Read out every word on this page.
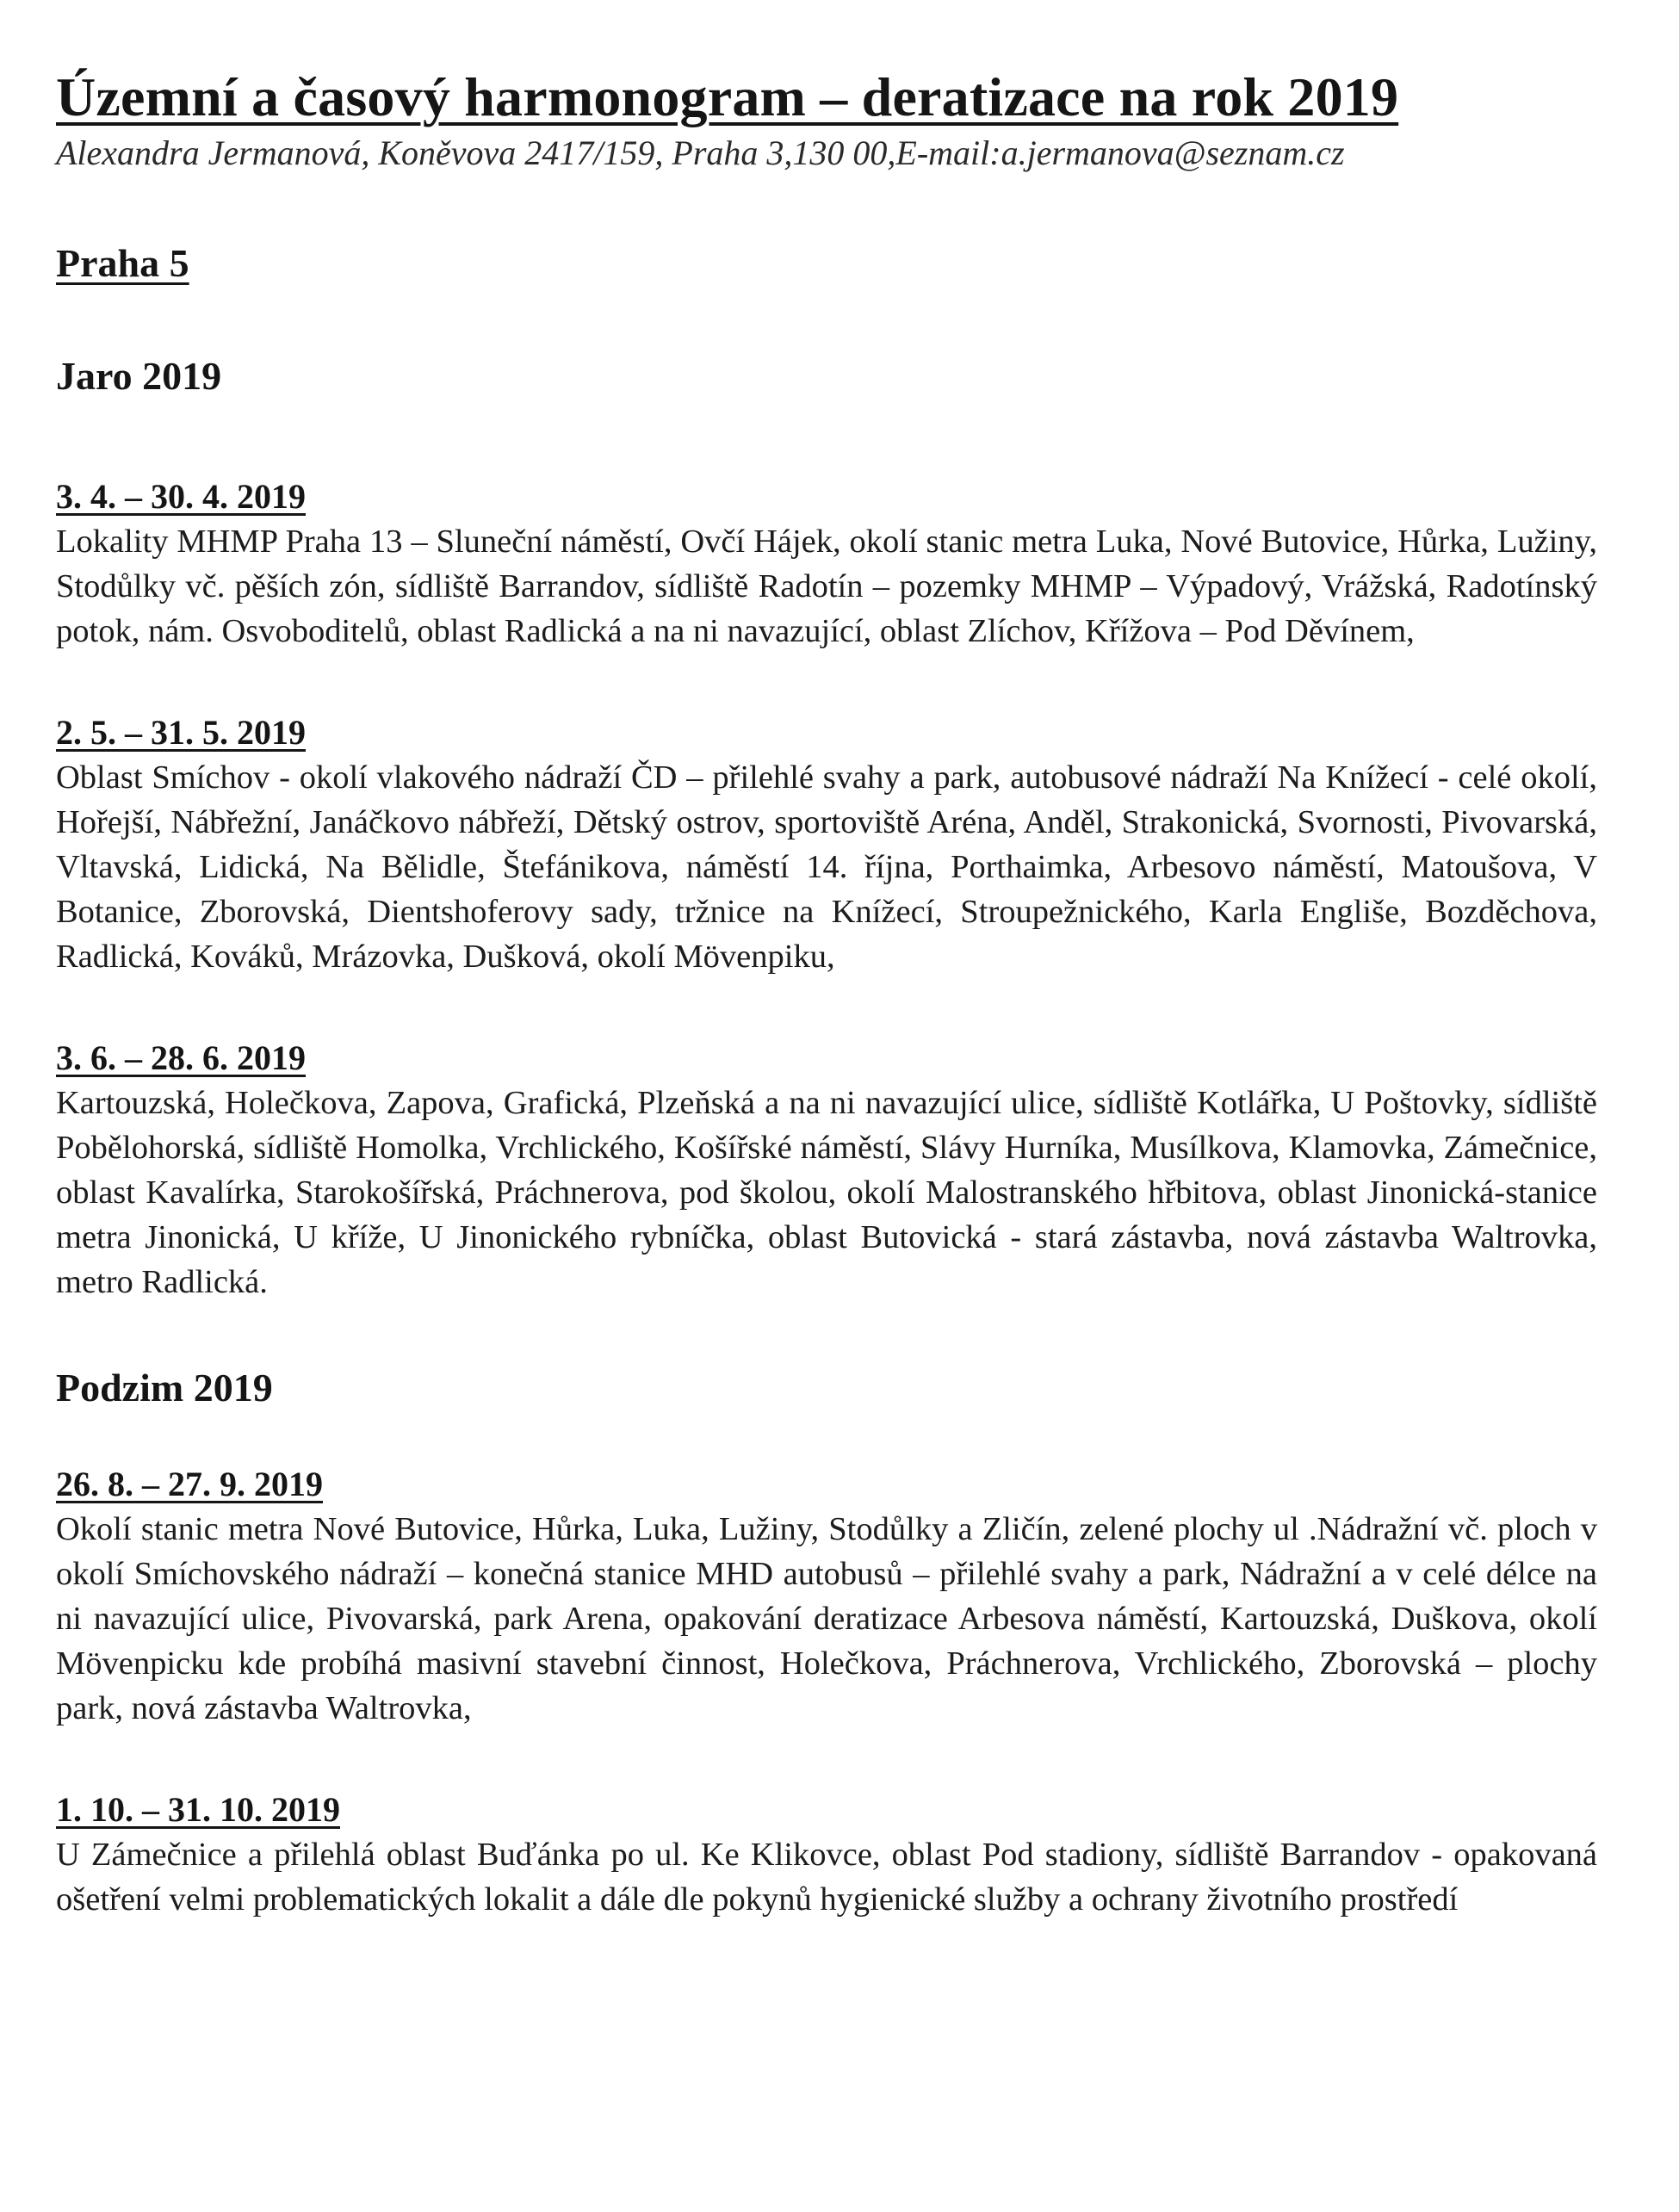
Územní a časový harmonogram – deratizace na rok 2019
Alexandra Jermanová, Koněvova 2417/159, Praha 3,130 00,E-mail:a.jermanova@seznam.cz
Praha 5
Jaro 2019
3. 4. – 30. 4. 2019
Lokality MHMP Praha 13 – Sluneční náměstí, Ovčí Hájek, okolí stanic metra Luka, Nové Butovice, Hůrka, Lužiny, Stodůlky vč. pěších zón, sídliště Barrandov, sídliště Radotín – pozemky MHMP – Výpadový, Vrážská, Radotínský potok, nám. Osvoboditelů, oblast Radlická a na ni navazující, oblast Zlíchov, Křížova – Pod Děvínem,
2. 5. – 31. 5. 2019
Oblast Smíchov - okolí vlakového nádraží ČD – přilehlé svahy a park, autobusové nádraží Na Knížecí - celé okolí, Hořejší, Nábřežní, Janáčkovo nábřeží, Dětský ostrov, sportoviště Aréna, Anděl, Strakonická, Svornosti, Pivovarská, Vltavská, Lidická, Na Bělidle, Štefánikova, náměstí 14. října, Porthaimka, Arbesovo náměstí, Matoušova, V Botanice, Zborovská, Dientshoferovy sady, tržnice na Knížecí, Stroupežnického, Karla Engliše, Bozděchova, Radlická, Kováků, Mrázovka, Dušková, okolí Mövenpiku,
3. 6. – 28. 6. 2019
Kartouzská, Holečkova, Zapova, Grafická, Plzeňská a na ni navazující ulice, sídliště Kotlářka, U Poštovky, sídliště Pobělohorská, sídliště Homolka, Vrchlického, Košířské náměstí, Slávy Hurníka, Musílkova, Klamovka, Zámečnice, oblast Kavalírka, Starokošířská, Práchnerova, pod školou, okolí Malostranského hřbitova, oblast Jinonická-stanice metra Jinonická, U kříže, U Jinonického rybníčka, oblast Butovická - stará zástavba, nová zástavba Waltrovka, metro Radlická.
Podzim 2019
26. 8. – 27. 9. 2019
Okolí stanic metra Nové Butovice, Hůrka, Luka, Lužiny, Stodůlky a Zličín, zelené plochy ul .Nádražní vč. ploch v okolí Smíchovského nádraží – konečná stanice MHD autobusů – přilehlé svahy a park, Nádražní a v celé délce na ni navazující ulice, Pivovarská, park Arena, opakování deratizace Arbesova náměstí, Kartouzská, Duškova, okolí Mövenpicku kde probíhá masivní stavební činnost, Holečkova, Práchnerova, Vrchlického, Zborovská – plochy park, nová zástavba Waltrovka,
1. 10. – 31. 10. 2019
U Zámečnice a přilehlá oblast Buďánka po ul. Ke Klikovce, oblast Pod stadiony, sídliště Barrandov - opakovaná ošetření velmi problematických lokalit a dále dle pokynů hygienické služby a ochrany životního prostředí
